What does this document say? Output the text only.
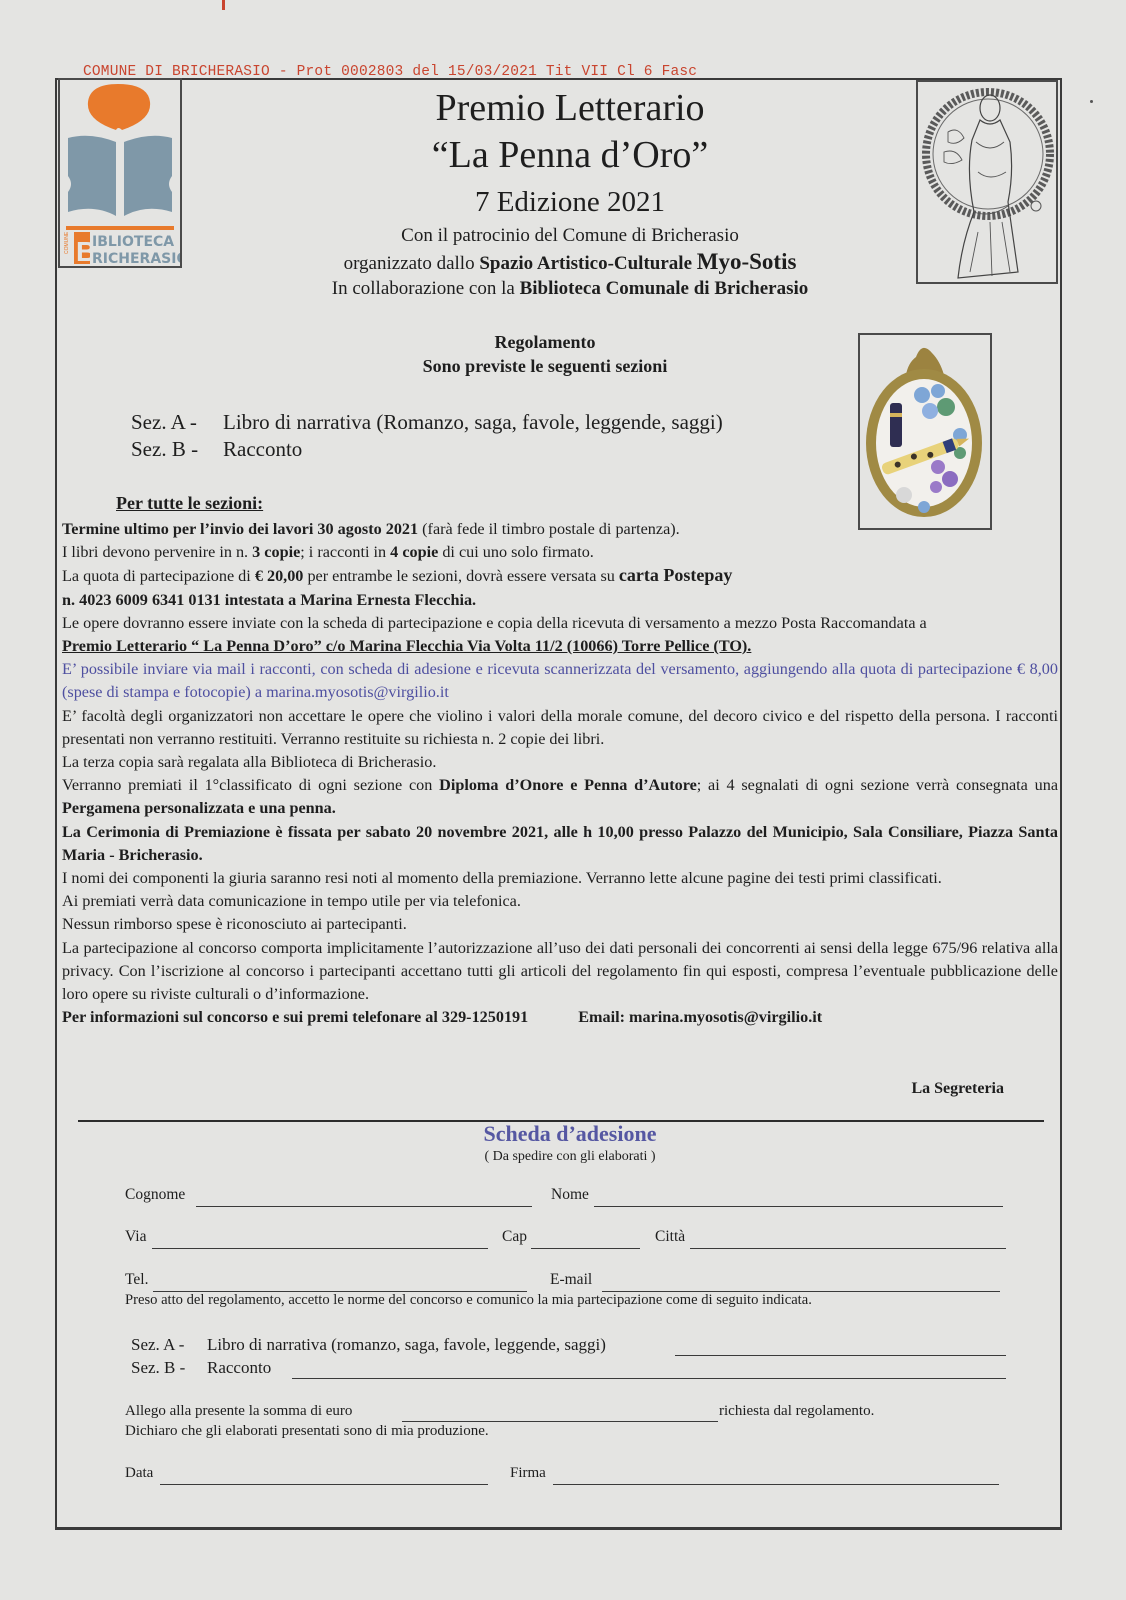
COMUNE DI BRICHERASIO - Prot 0002803 del 15/03/2021 Tit VII Cl 6 Fasc
COMUNE B
IBLIOTECA
RICHERASIO
Premio Letterario
“La Penna d’Oro”
7 Edizione 2021
Con il patrocinio del Comune di Bricherasio
organizzato dallo Spazio Artistico-Culturale Myo-Sotis
In collaborazione con la Biblioteca Comunale di Bricherasio
Regolamento
Sono previste le seguenti sezioni
Sez. A - Libro di narrativa (Romanzo, saga, favole, leggende, saggi)
Sez. B - Racconto
Per tutte le sezioni:

Termine ultimo per l’invio dei lavori 30 agosto 2021 (farà fede il timbro postale di partenza).

I libri devono pervenire in n. 3 copie; i racconti in 4 copie di cui uno solo firmato.

La quota di partecipazione di € 20,00 per entrambe le sezioni, dovrà essere versata su carta Postepay

n. 4023 6009 6341 0131 intestata a Marina Ernesta Flecchia.

Le opere dovranno essere inviate con la scheda di partecipazione e copia della ricevuta di versamento a mezzo Posta Raccomandata a

Premio Letterario “ La Penna D’oro” c/o Marina Flecchia Via Volta 11/2 (10066) Torre Pellice (TO).

E’ possibile inviare via mail i racconti, con scheda di adesione e ricevuta scannerizzata del versamento, aggiungendo alla quota di partecipazione € 8,00 (spese di stampa e fotocopie) a marina.myosotis@virgilio.it

E’ facoltà degli organizzatori non accettare le opere che violino i valori della morale comune, del decoro civico e del rispetto della persona. I racconti presentati non verranno restituiti. Verranno restituite su richiesta n. 2 copie dei libri.

La terza copia sarà regalata alla Biblioteca di Bricherasio.

Verranno premiati il 1°classificato di ogni sezione con Diploma d’Onore e Penna d’Autore; ai 4 segnalati di ogni sezione verrà consegnata una Pergamena personalizzata e una penna.

La Cerimonia di Premiazione è fissata per sabato 20 novembre 2021, alle h 10,00 presso Palazzo del Municipio, Sala Consiliare, Piazza Santa Maria - Bricherasio.

I nomi dei componenti la giuria saranno resi noti al momento della premiazione. Verranno lette alcune pagine dei testi primi classificati.

Ai premiati verrà data comunicazione in tempo utile per via telefonica.

Nessun rimborso spese è riconosciuto ai partecipanti.

La partecipazione al concorso comporta implicitamente l’autorizzazione all’uso dei dati personali dei concorrenti ai sensi della legge 675/96 relativa alla privacy. Con l’iscrizione al concorso i partecipanti accettano tutti gli articoli del regolamento fin qui esposti, compresa l’eventuale pubblicazione delle loro opere su riviste culturali o d’informazione.

Per informazioni sul concorso e sui premi telefonare al 329-1250191	Email: marina.myosotis@virgilio.it

La Segreteria
Scheda d’adesione
( Da spedire con gli elaborati )
Cognome	Nome
Via	Cap	Città
Tel.	E-mail
Preso atto del regolamento, accetto le norme del concorso e comunico la mia partecipazione come di seguito indicata.
Sez. A - Libro di narrativa (romanzo, saga, favole, leggende, saggi)
Sez. B - Racconto
Allego alla presente la somma di euro	richiesta dal regolamento.
Dichiaro che gli elaborati presentati sono di mia produzione.
Data	Firma
